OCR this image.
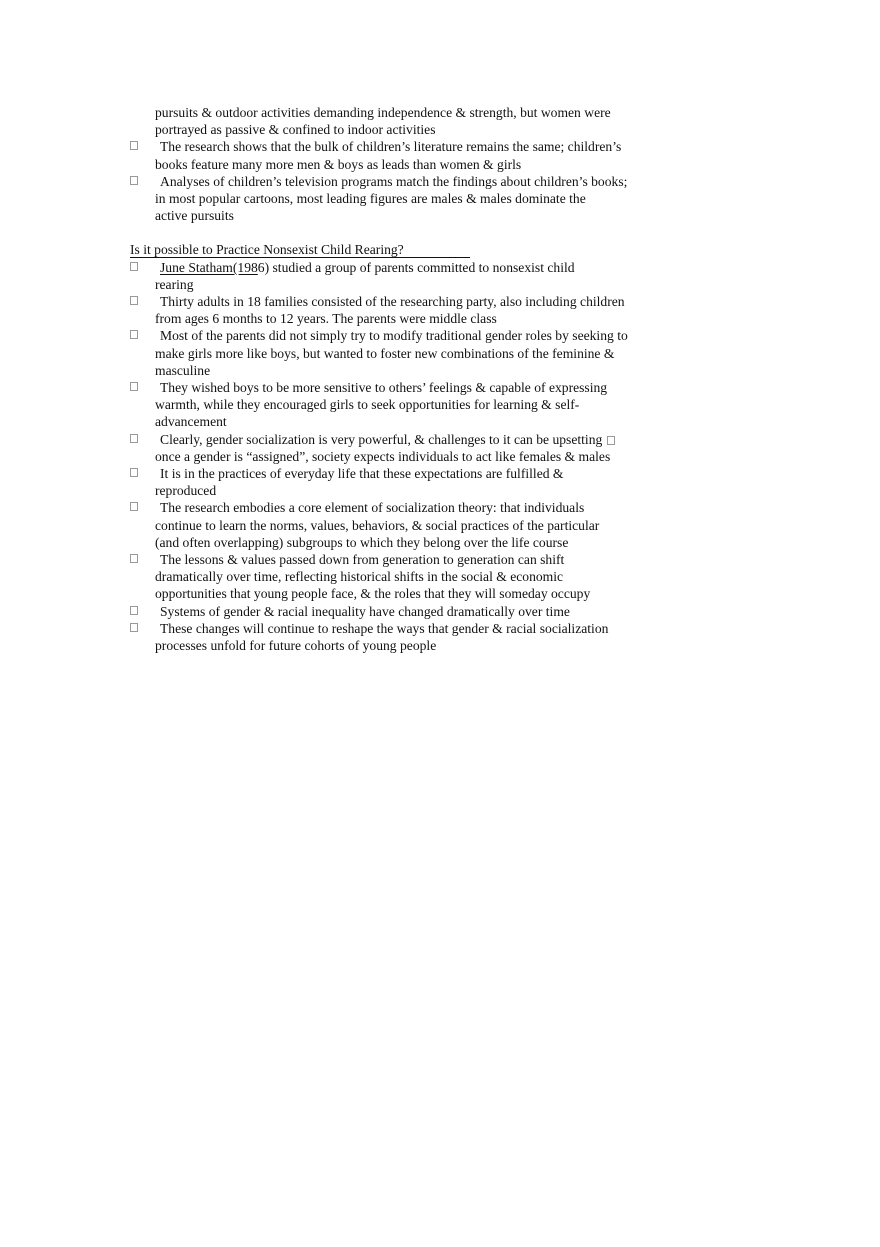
pursuits & outdoor activities demanding independence & strength, but women were
portrayed as passive & confined to indoor activities
The research shows that the bulk of children’s literature remains the same; children’s
books feature many more men & boys as leads than women & girls
Analyses of children’s television programs match the findings about children’s books;
in most popular cartoons, most leading figures are males & males dominate the
active pursuits
Is it possible to Practice Nonsexist Child Rearing?
June Statham(1986) studied a group of parents committed to nonsexist child
rearing
Thirty adults in 18 families consisted of the researching party, also including children
from ages 6 months to 12 years. The parents were middle class
Most of the parents did not simply try to modify traditional gender roles by seeking to
make girls more like boys, but wanted to foster new combinations of the feminine &
masculine
They wished boys to be more sensitive to others’ feelings & capable of expressing
warmth, while they encouraged girls to seek opportunities for learning & self-
advancement
Clearly, gender socialization is very powerful, & challenges to it can be upsetting
once a gender is “assigned”, society expects individuals to act like females & males
It is in the practices of everyday life that these expectations are fulfilled &
reproduced
The research embodies a core element of socialization theory: that individuals
continue to learn the norms, values, behaviors, & social practices of the particular
(and often overlapping) subgroups to which they belong over the life course
The lessons & values passed down from generation to generation can shift
dramatically over time, reflecting historical shifts in the social & economic
opportunities that young people face, & the roles that they will someday occupy
Systems of gender & racial inequality have changed dramatically over time
These changes will continue to reshape the ways that gender & racial socialization
processes unfold for future cohorts of young people
